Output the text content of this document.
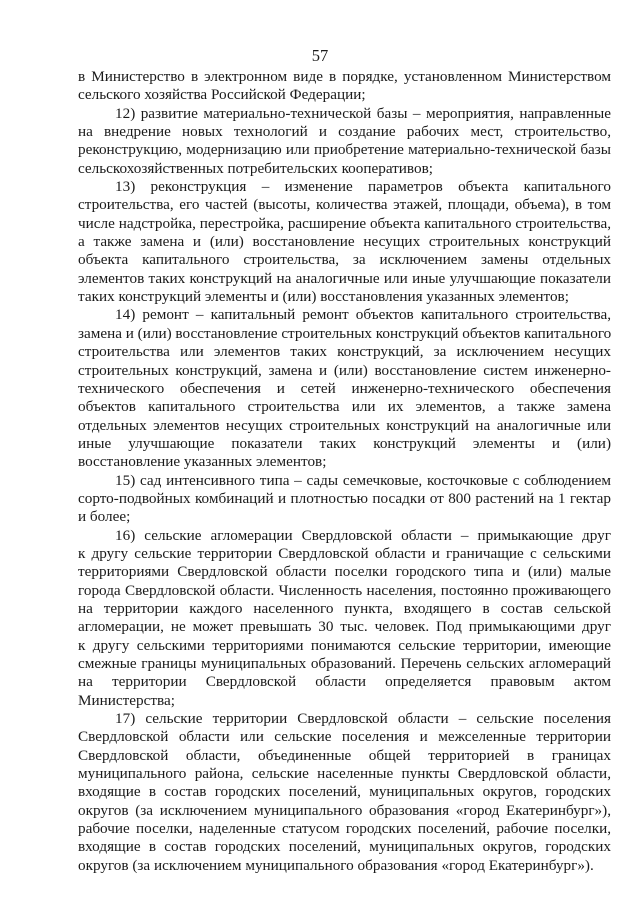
57
в Министерство в электронном виде в порядке, установленном Министерством
сельского хозяйства Российской Федерации;
12) развитие материально-технической базы – мероприятия, направленные
на внедрение новых технологий и создание рабочих мест, строительство,
реконструкцию, модернизацию или приобретение материально-технической базы
сельскохозяйственных потребительских кооперативов;
13) реконструкция – изменение параметров объекта капитального
строительства, его частей (высоты, количества этажей, площади, объема), в том
числе надстройка, перестройка, расширение объекта капитального строительства,
а также замена и (или) восстановление несущих строительных конструкций
объекта капитального строительства, за исключением замены отдельных
элементов таких конструкций на аналогичные или иные улучшающие показатели
таких конструкций элементы и (или) восстановления указанных элементов;
14) ремонт – капитальный ремонт объектов капитального строительства,
замена и (или) восстановление строительных конструкций объектов капитального
строительства или элементов таких конструкций, за исключением несущих
строительных конструкций, замена и (или) восстановление систем инженерно-
технического обеспечения и сетей инженерно-технического обеспечения
объектов капитального строительства или их элементов, а также замена
отдельных элементов несущих строительных конструкций на аналогичные или
иные улучшающие показатели таких конструкций элементы и (или)
восстановление указанных элементов;
15) сад интенсивного типа – сады семечковые, косточковые с соблюдением
сорто-подвойных комбинаций и плотностью посадки от 800 растений на 1 гектар
и более;
16) сельские агломерации Свердловской области – примыкающие друг
к другу сельские территории Свердловской области и граничащие с сельскими
территориями Свердловской области поселки городского типа и (или) малые
города Свердловской области. Численность населения, постоянно проживающего
на территории каждого населенного пункта, входящего в состав сельской
агломерации, не может превышать 30 тыс. человек. Под примыкающими друг
к другу сельскими территориями понимаются сельские территории, имеющие
смежные границы муниципальных образований. Перечень сельских агломераций
на территории Свердловской области определяется правовым актом
Министерства;
17) сельские территории Свердловской области – сельские поселения
Свердловской области или сельские поселения и межселенные территории
Свердловской области, объединенные общей территорией в границах
муниципального района, сельские населенные пункты Свердловской области,
входящие в состав городских поселений, муниципальных округов, городских
округов (за исключением муниципального образования «город Екатеринбург»),
рабочие поселки, наделенные статусом городских поселений, рабочие поселки,
входящие в состав городских поселений, муниципальных округов, городских
округов (за исключением муниципального образования «город Екатеринбург»).
